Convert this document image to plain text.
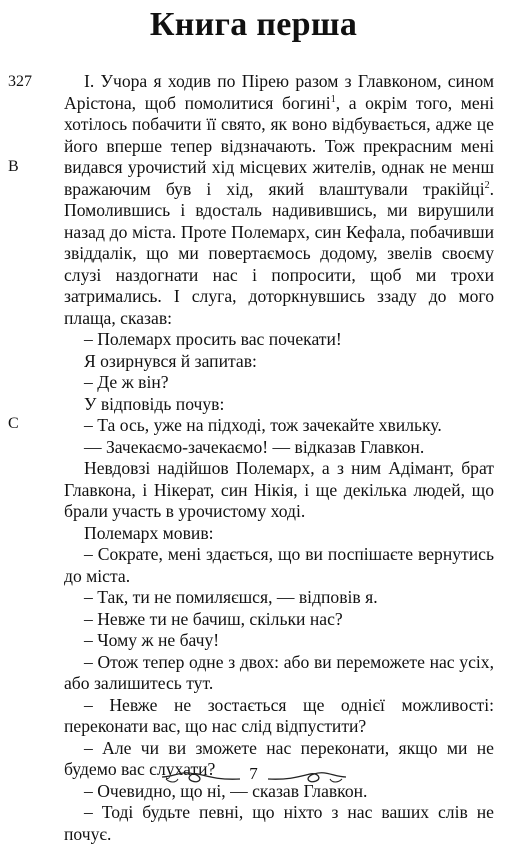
Книга перша
327
B
C

І. Учора я ходив по Пірею разом з Главконом, сином Арістона, щоб помолитися богині$^1$, а окрім того, мені хотілось побачити її свято, як воно відбувається, адже це його вперше тепер відзначають. Тож прекрасним мені видався урочистий хід місцевих жителів, однак не менш вражаючим був і хід, який влаштували тракійці$^2$. Помолившись і вдосталь надивившись, ми вирушили назад до міста. Проте Полемарх, син Кефала, побачивши звіддалік, що ми повертаємось додому, звелів своєму слузі наздогнати нас і попросити, щоб ми трохи затримались. І слуга, доторкнувшись ззаду до мого плаща, сказав:

– Полемарх просить вас почекати!

Я озирнувся й запитав:

– Де ж він?

У відповідь почув:

– Та ось, уже на підході, тож зачекайте хвильку.

— Зачекаємо-зачекаємо! — відказав Главкон.

Невдовзі надійшов Полемарх, а з ним Адімант, брат Главкона, і Нікерат, син Нікія, і ще декілька людей, що брали участь в урочистому ході.

Полемарх мовив:

– Сократе, мені здається, що ви поспішаєте вернутись до міста.

– Так, ти не помиляєшся, — відповів я.

– Невже ти не бачиш, скільки нас?

– Чому ж не бачу!

– Отож тепер одне з двох: або ви переможете нас усіх, або залишитесь тут.

– Невже не зостається ще однієї можливості: переконати вас, що нас слід відпустити?

– Але чи ви зможете нас переконати, якщо ми не будемо вас слухати?

– Очевидно, що ні, — сказав Главкон.

– Тоді будьте певні, що ніхто з нас ваших слів не почує.

7
